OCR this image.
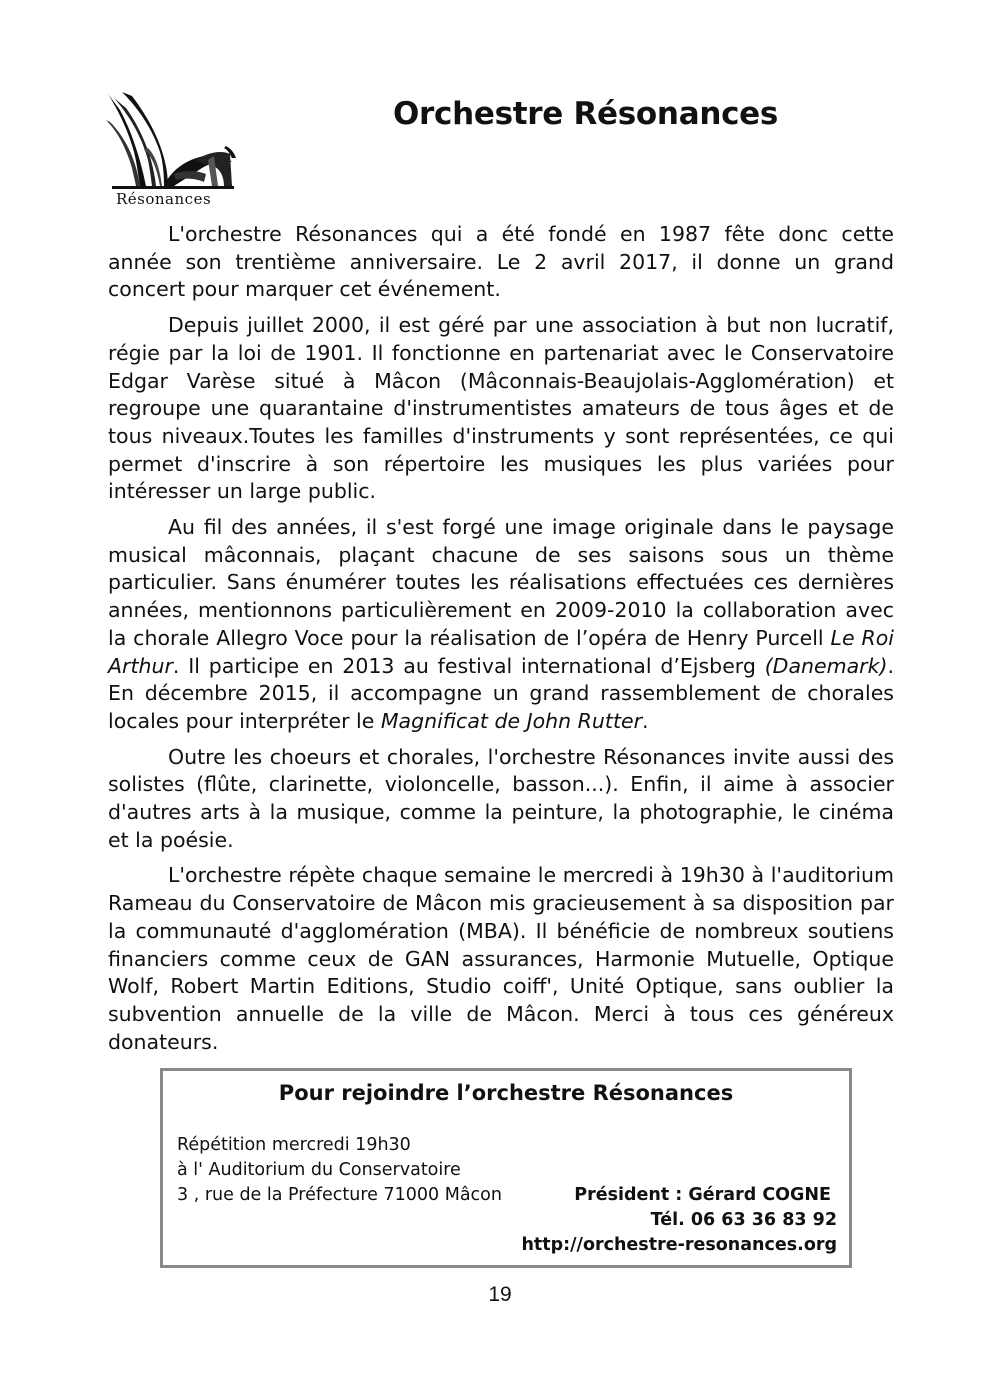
Résonances
Orchestre Résonances

L'orchestre Résonances qui a été fondé en 1987 fête donc cette année son trentième anniversaire. Le 2 avril 2017, il donne un grand concert pour marquer cet événement.

Depuis juillet 2000, il est géré par une association à but non lucratif, régie par la loi de 1901. Il fonctionne en partenariat avec le Conservatoire Edgar Varèse situé à Mâcon (Mâconnais-Beaujolais-Agglomération) et regroupe une quarantaine d'instrumentistes amateurs de tous âges et de tous niveaux.Toutes les familles d'instruments y sont représentées, ce qui permet d'inscrire à son répertoire les musiques les plus variées pour intéresser un large public.

Au fil des années, il s'est forgé une image originale dans le paysage musical mâconnais, plaçant chacune de ses saisons sous un thème particulier. Sans énumérer toutes les réalisations effectuées ces dernières années, mentionnons particulièrement en 2009-2010 la collaboration avec la chorale Allegro Voce pour la réalisation de l’opéra de Henry Purcell Le Roi Arthur. Il participe en 2013 au festival international d’Ejsberg (Danemark). En décembre 2015, il accompagne un grand rassemblement de chorales locales pour interpréter le Magnificat de John Rutter.

Outre les choeurs et chorales, l'orchestre Résonances invite aussi des solistes (flûte, clarinette, violoncelle, basson...). Enfin, il aime à associer d'autres arts à la musique, comme la peinture, la photographie, le cinéma et la poésie.

L'orchestre répète chaque semaine le mercredi à 19h30 à l'auditorium Rameau du Conservatoire de Mâcon mis gracieusement à sa disposition par la communauté d'agglomération (MBA). Il bénéficie de nombreux soutiens financiers comme ceux de GAN assurances, Harmonie Mutuelle, Optique Wolf, Robert Martin Editions, Studio coiff', Unité Optique, sans oublier la subvention annuelle de la ville de Mâcon. Merci à tous ces généreux donateurs.

Pour rejoindre l’orchestre Résonances
Répétition mercredi 19h30
à l' Auditorium du Conservatoire
3 , rue de la Préfecture 71000 Mâcon	Président : Gérard COGNE
Tél. 06 63 36 83 92
http://orchestre-resonances.org
19
